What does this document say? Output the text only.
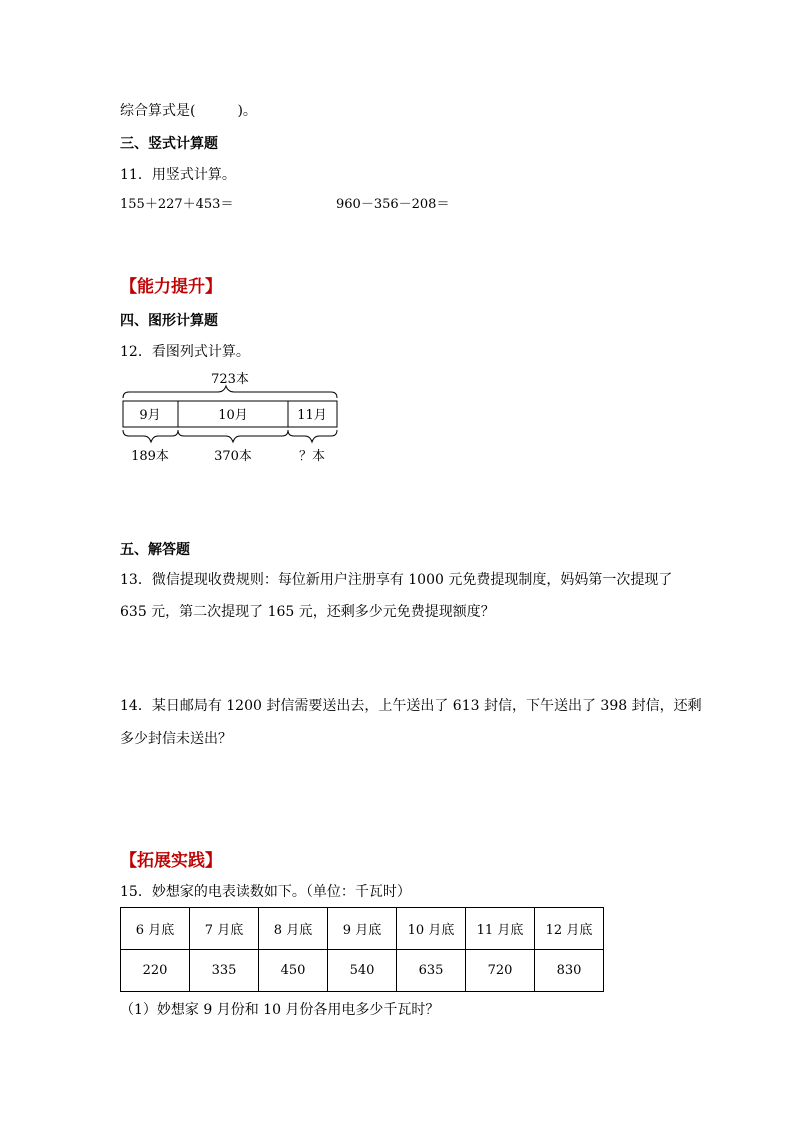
综合算式是(　　　)。
三、竖式计算题
11．用竖式计算。
155＋227＋453＝	960－356－208＝
【能力提升】
四、图形计算题
12．看图列式计算。
723本
9月	10月	11月
189本	370本	？本
五、解答题
13．微信提现收费规则：每位新用户注册享有 1000 元免费提现制度，妈妈第一次提现了
635 元，第二次提现了 165 元，还剩多少元免费提现额度？
14．某日邮局有 1200 封信需要送出去，上午送出了 613 封信，下午送出了 398 封信，还剩
多少封信未送出？
【拓展实践】
15．妙想家的电表读数如下。（单位：千瓦时）
6 月底	7 月底	8 月底	9 月底	10 月底	11 月底	12 月底
220	335	450	540	635	720	830
（1）妙想家 9 月份和 10 月份各用电多少千瓦时？
